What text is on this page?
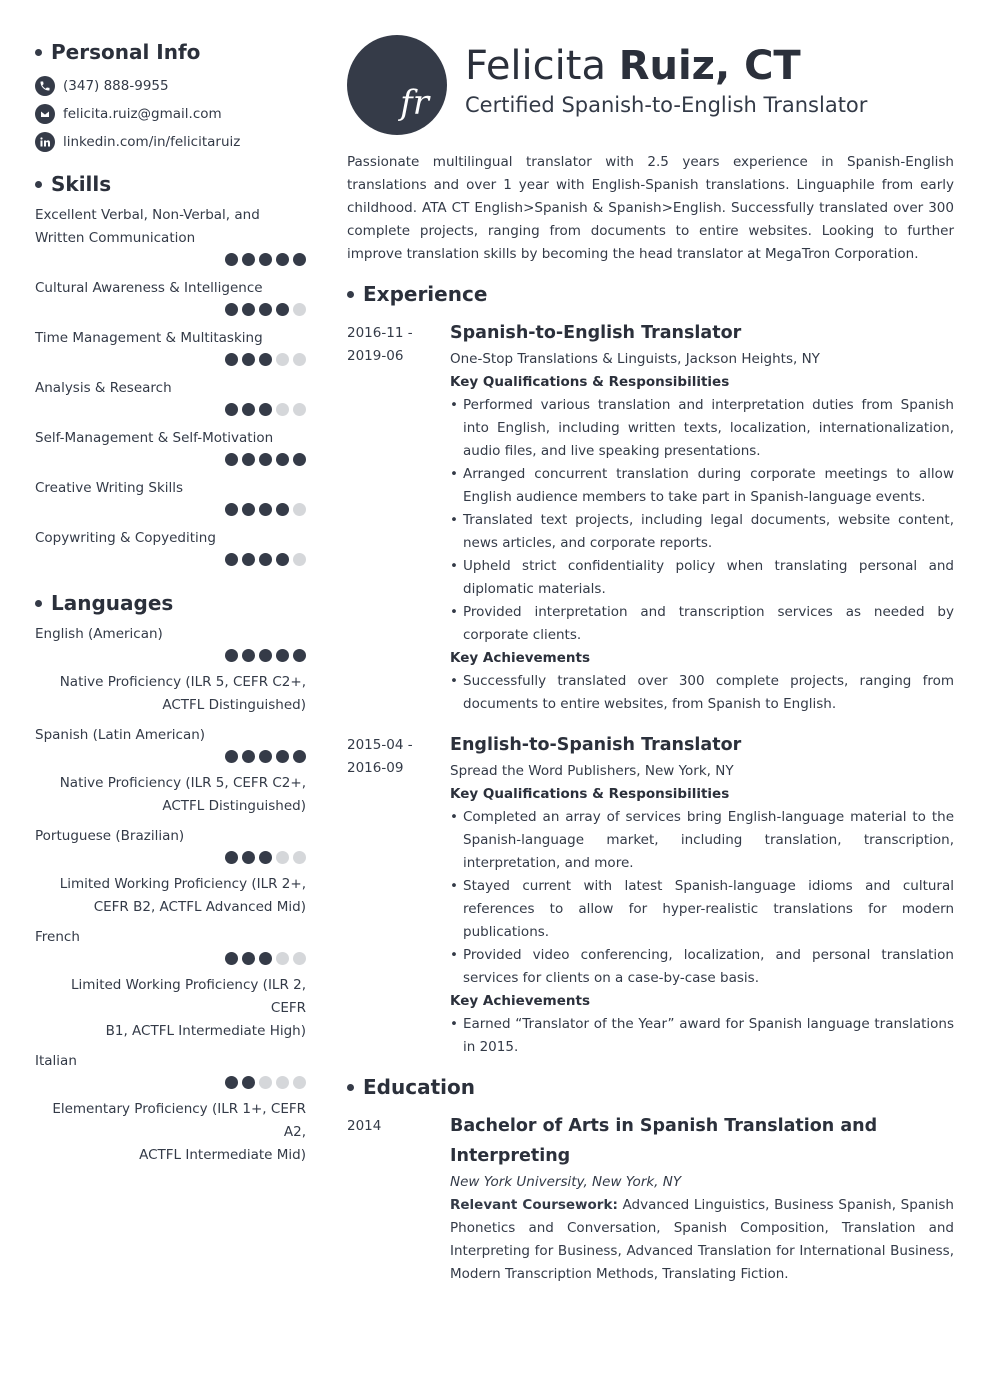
Personal Info
(347) 888-9955
felicita.ruiz@gmail.com
linkedin.com/in/felicitaruiz
Skills
Excellent Verbal, Non-Verbal, and Written Communication
Cultural Awareness & Intelligence
Time Management & Multitasking
Analysis & Research
Self-Management & Self-Motivation
Creative Writing Skills
Copywriting & Copyediting
Languages
English (American)
Native Proficiency (ILR 5, CEFR C2+,
ACTFL Distinguished)
Spanish (Latin American)
Native Proficiency (ILR 5, CEFR C2+,
ACTFL Distinguished)
Portuguese (Brazilian)
Limited Working Proficiency (ILR 2+,
CEFR B2, ACTFL Advanced Mid)
French
Limited Working Proficiency (ILR 2, CEFR
B1, ACTFL Intermediate High)
Italian
Elementary Proficiency (ILR 1+, CEFR A2,
ACTFL Intermediate Mid)
fr
Felicita Ruiz, CT
Certified Spanish-to-English Translator
Passionate multilingual translator with 2.5 years experience in Spanish-English translations and over 1 year with English-Spanish translations. Linguaphile from early childhood. ATA CT English>Spanish & Spanish>English. Successfully translated over 300 complete projects, ranging from documents to entire websites. Looking to further improve translation skills by becoming the head translator at MegaTron Corporation.
Experience
2016-11 -
2019-06
Spanish-to-English Translator
One-Stop Translations & Linguists, Jackson Heights, NY
Key Qualifications & Responsibilities
• Performed various translation and interpretation duties from Spanish into English, including written texts, localization, internationalization, audio files, and live speaking presentations.
• Arranged concurrent translation during corporate meetings to allow English audience members to take part in Spanish-language events.
• Translated text projects, including legal documents, website content, news articles, and corporate reports.
• Upheld strict confidentiality policy when translating personal and diplomatic materials.
• Provided interpretation and transcription services as needed by corporate clients.
Key Achievements
• Successfully translated over 300 complete projects, ranging from documents to entire websites, from Spanish to English.
2015-04 -
2016-09
English-to-Spanish Translator
Spread the Word Publishers, New York, NY
Key Qualifications & Responsibilities
• Completed an array of services bring English-language material to the Spanish-language market, including translation, transcription, interpretation, and more.
• Stayed current with latest Spanish-language idioms and cultural references to allow for hyper-realistic translations for modern publications.
• Provided video conferencing, localization, and personal translation services for clients on a case-by-case basis.
Key Achievements
• Earned “Translator of the Year” award for Spanish language translations in 2015.
Education
2014	Bachelor of Arts in Spanish Translation and Interpreting
New York University, New York, NY
Relevant Coursework: Advanced Linguistics, Business Spanish, Spanish Phonetics and Conversation, Spanish Composition, Translation and Interpreting for Business, Advanced Translation for International Business, Modern Transcription Methods, Translating Fiction.
